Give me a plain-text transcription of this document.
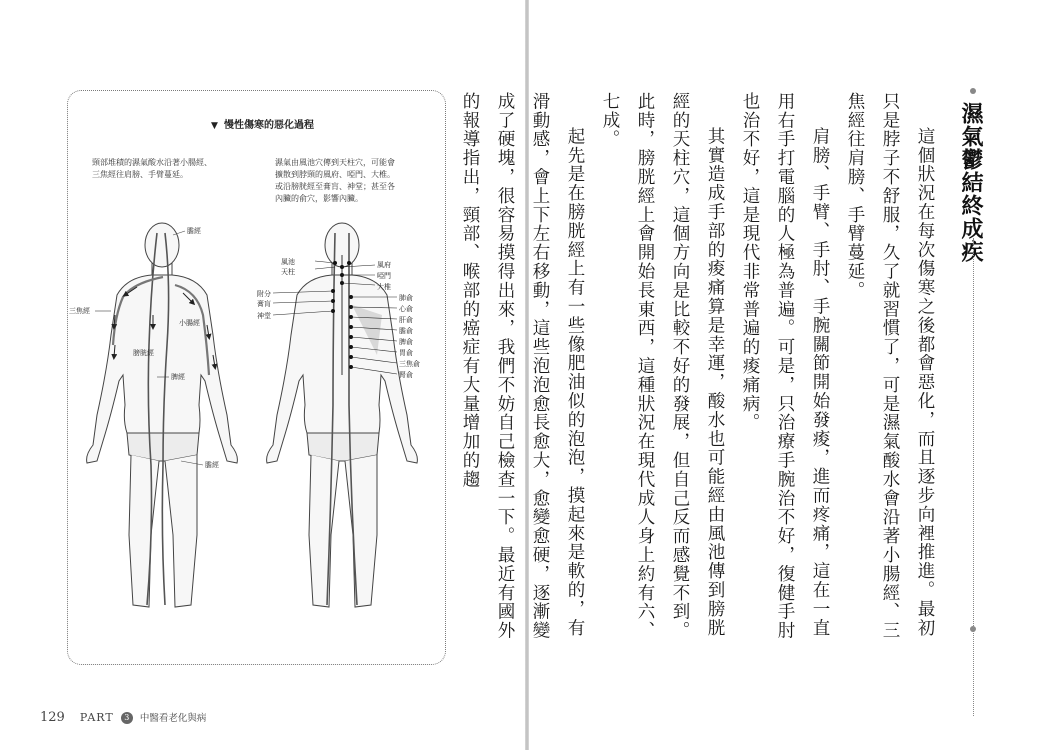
▼ 慢性傷寒的惡化過程
頸部堆積的濕氣酸水沿著小腸經、
三焦經往肩膀、手臂蔓延。
濕氣由風池穴傳到天柱穴，可能會
擴散到脖頸的風府、啞門、大椎。
或沿膀胱經至膏肓、神堂；甚至各
內臟的俞穴，影響內臟。
膽經
三焦經
小腸經
膀胱經
脾經
膽經
風池
天柱
附分
膏肓
神堂
風府
啞門
大椎
肺俞
心俞
肝俞
膽俞
脾俞
胃俞
三焦俞
腎俞
129 PART 3 中醫看老化與病
濕氣鬱結終成疾

這個狀況在每次傷寒之後都會惡化，而且逐步向裡推進。最初只是脖子不舒服，久了就習慣了，可是濕氣酸水會沿著小腸經、三焦經往肩膀、手臂蔓延。

肩膀、手臂、手肘、手腕關節開始發痠，進而疼痛，這在一直用右手打電腦的人極為普遍。可是，只治療手腕治不好，復健手肘也治不好，這是現代非常普遍的痠痛病。

其實造成手部的痠痛算是幸運，酸水也可能經由風池傳到膀胱經的天柱穴，這個方向是比較不好的發展，但自己反而感覺不到。此時，膀胱經上會開始長東西，這種狀況在現代成人身上約有六、七成。

起先是在膀胱經上有一些像肥油似的泡泡，摸起來是軟的，有滑動感，會上下左右移動，這些泡泡愈長愈大，愈變愈硬，逐漸變成了硬塊，很容易摸得出來，我們不妨自己檢查一下。最近有國外的報導指出，頸部、喉部的癌症有大量增加的趨
